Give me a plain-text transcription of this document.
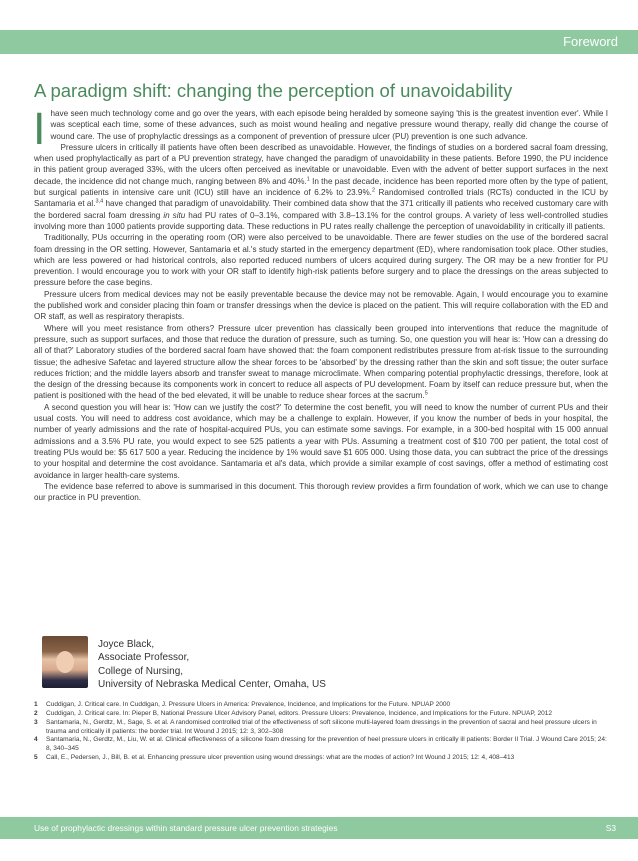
Foreword
A paradigm shift: changing the perception of unavoidability

Ihave seen much technology come and go over the years, with each episode being heralded by someone saying 'this is the greatest invention ever'. While I was sceptical each time, some of these advances, such as moist wound healing and negative pressure wound therapy, really did change the course of wound care. The use of prophylactic dressings as a component of prevention of pressure ulcer (PU) prevention is one such advance.

Pressure ulcers in critically ill patients have often been described as unavoidable. However, the findings of studies on a bordered sacral foam dressing, when used prophylactically as part of a PU prevention strategy, have changed the paradigm of unavoidability in these patients. Before 1990, the PU incidence in this patient group averaged 33%, with the ulcers often perceived as inevitable or unavoidable. Even with the advent of better support surfaces in the next decade, the incidence did not change much, ranging between 8% and 40%.$^1$ In the past decade, incidence has been reported more often by the type of patient, but surgical patients in intensive care unit (ICU) still have an incidence of 6.2% to 23.9%.$^2$ Randomised controlled trials (RCTs) conducted in the ICU by Santamaria et al.$^{3,4}$ have changed that paradigm of unavoidability. Their combined data show that the 371 critically ill patients who received customary care with the bordered sacral foam dressing in situ had PU rates of 0–3.1%, compared with 3.8–13.1% for the control groups. A variety of less well-controlled studies involving more than 1000 patients provide supporting data. These reductions in PU rates really challenge the perception of unavoidability in critically ill patients.

Traditionally, PUs occurring in the operating room (OR) were also perceived to be unavoidable. There are fewer studies on the use of the bordered sacral foam dressing in the OR setting. However, Santamaria et al.'s study started in the emergency department (ED), where randomisation took place. Other studies, which are less powered or had historical controls, also reported reduced numbers of ulcers acquired during surgery. The OR may be a new frontier for PU prevention. I would encourage you to work with your OR staff to identify high-risk patients before surgery and to place the dressings on the areas subjected to pressure before the case begins.

Pressure ulcers from medical devices may not be easily preventable because the device may not be removable. Again, I would encourage you to examine the published work and consider placing thin foam or transfer dressings when the device is placed on the patient. This will require collaboration with the ED and OR staff, as well as respiratory therapists.

Where will you meet resistance from others? Pressure ulcer prevention has classically been grouped into interventions that reduce the magnitude of pressure, such as support surfaces, and those that reduce the duration of pressure, such as turning. So, one question you will hear is: 'How can a dressing do all of that?' Laboratory studies of the bordered sacral foam have showed that: the foam component redistributes pressure from at-risk tissue to the surrounding tissue; the adhesive Safetac and layered structure allow the shear forces to be 'absorbed' by the dressing rather than the skin and soft tissue; the outer surface reduces friction; and the middle layers absorb and transfer sweat to manage microclimate. When comparing potential prophylactic dressings, therefore, look at the design of the dressing because its components work in concert to reduce all aspects of PU development. Foam by itself can reduce pressure but, when the patient is positioned with the head of the bed elevated, it will be unable to reduce shear forces at the sacrum.$^5$

A second question you will hear is: 'How can we justify the cost?' To determine the cost benefit, you will need to know the number of current PUs and their usual costs. You will need to address cost avoidance, which may be a challenge to explain. However, if you know the number of beds in your hospital, the number of yearly admissions and the rate of hospital-acquired PUs, you can estimate some savings. For example, in a 300-bed hospital with 15 000 annual admissions and a 3.5% PU rate, you would expect to see 525 patients a year with PUs. Assuming a treatment cost of $10 700 per patient, the total cost of treating PUs would be: $5 617 500 a year. Reducing the incidence by 1% would save $1 605 000. Using those data, you can subtract the price of the dressings to your hospital and determine the cost avoidance. Santamaria et al's data, which provide a similar example of cost savings, offer a method of estimating cost avoidance in larger health-care systems.

The evidence base referred to above is summarised in this document. This thorough review provides a firm foundation of work, which we can use to change our practice in PU prevention.

Joyce Black,
Associate Professor,
College of Nursing,
University of Nebraska Medical Center, Omaha, US
1 Cuddigan, J. Critical care. In Cuddigan, J. Pressure Ulcers in America: Prevalence, Incidence, and Implications for the Future. NPUAP 2000
2 Cuddigan, J. Critical care. In: Pieper B, National Pressure Ulcer Advisory Panel, editors. Pressure Ulcers: Prevalence, Incidence, and Implications for the Future. NPUAP, 2012
3 Santamaria, N., Gerdtz, M., Sage, S. et al. A randomised controlled trial of the effectiveness of soft silicone multi-layered foam dressings in the prevention of sacral and heel pressure ulcers in trauma and critically ill patients: the border trial. Int Wound J 2015; 12: 3, 302–308
4 Santamaria, N., Gerdtz, M., Liu, W. et al. Clinical effectiveness of a silicone foam dressing for the prevention of heel pressure ulcers in critically ill patients: Border II Trial. J Wound Care 2015; 24: 8, 340–345
5 Call, E., Pedersen, J., Bill, B. et al. Enhancing pressure ulcer prevention using wound dressings: what are the modes of action? Int Wound J 2015; 12: 4, 408–413
Use of prophylactic dressings within standard pressure ulcer prevention strategies	S3
